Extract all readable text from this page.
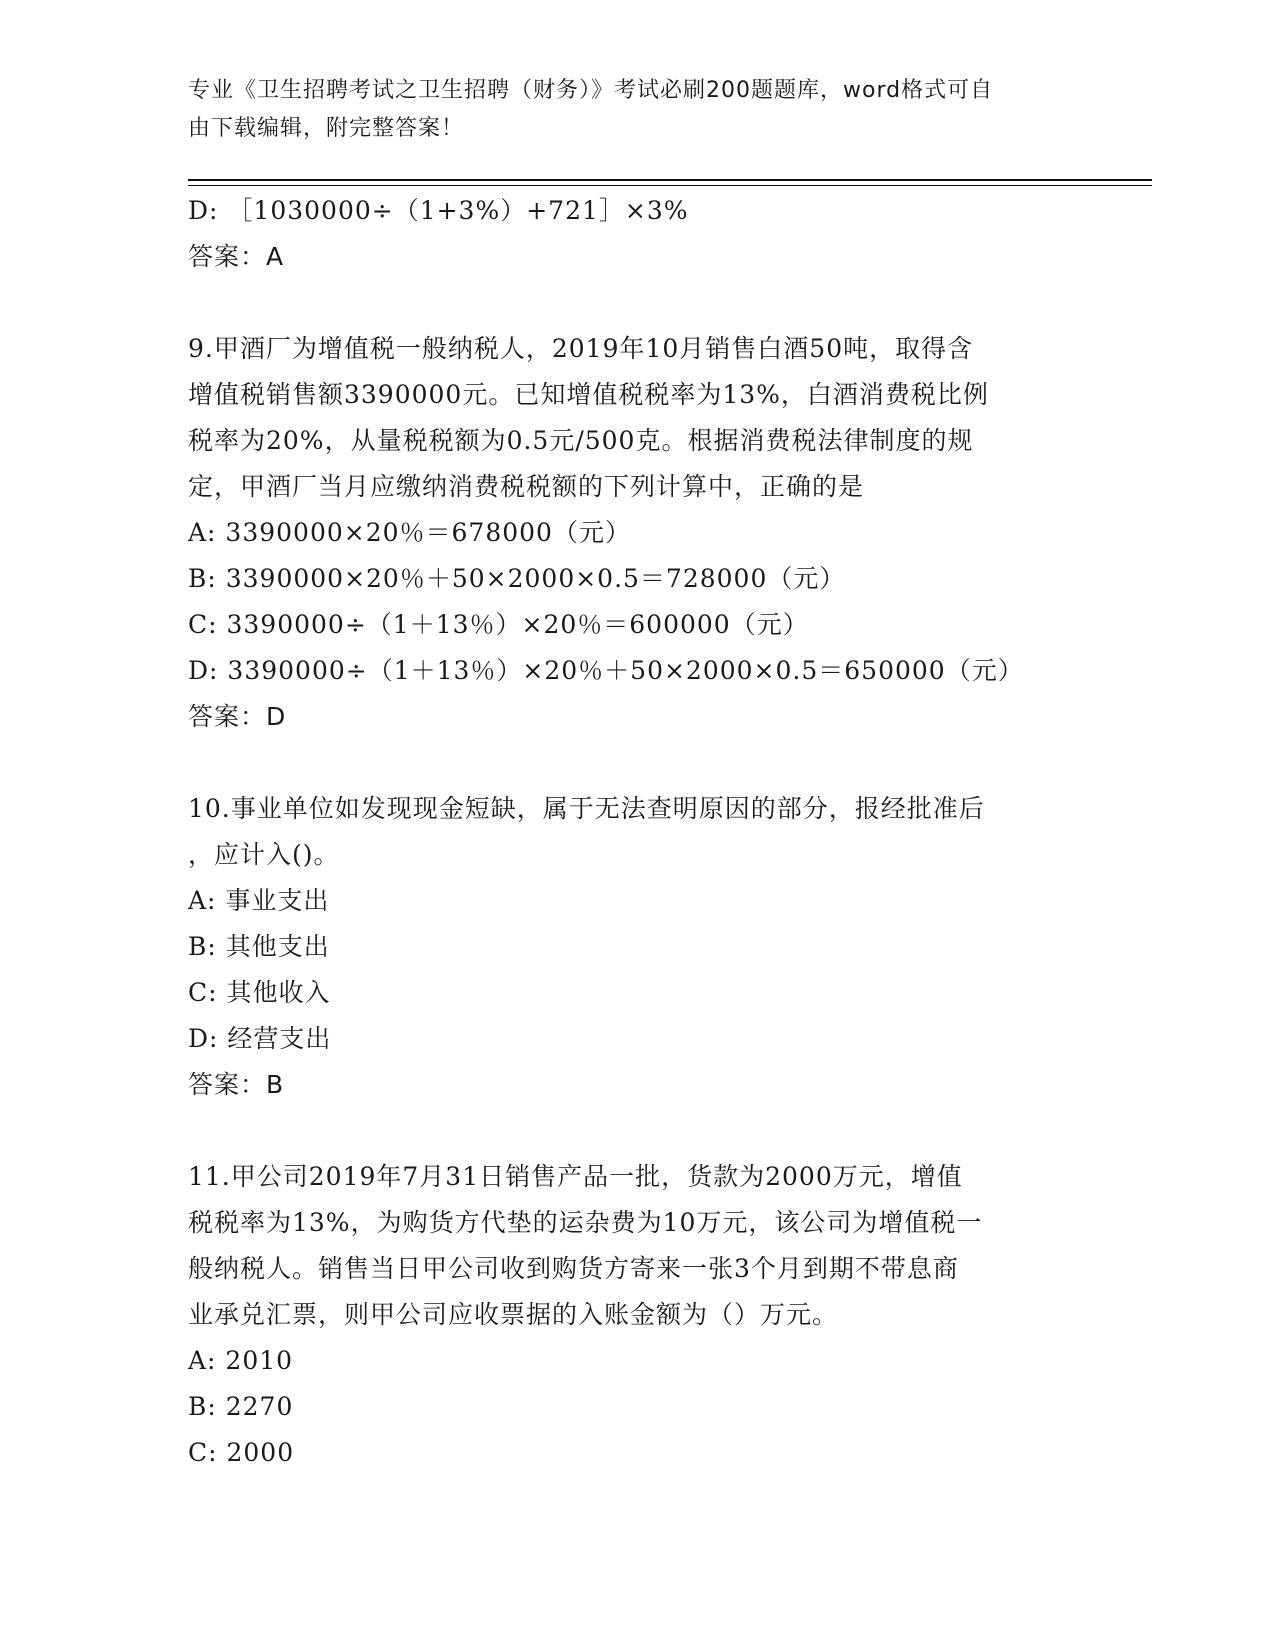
专业《卫生招聘考试之卫生招聘（财务）》考试必刷200题题库，word格式可自
由下载编辑，附完整答案！
D: ［1030000÷（1+3%）+721］×3%
答案：A
9.甲酒厂为增值税一般纳税人，2019年10月销售白酒50吨，取得含
增值税销售额3390000元。已知增值税税率为13%，白酒消费税比例
税率为20%，从量税税额为0.5元/500克。根据消费税法律制度的规
定，甲酒厂当月应缴纳消费税税额的下列计算中，正确的是
A: 3390000×20％＝678000（元）
B: 3390000×20％＋50×2000×0.5＝728000（元）
C: 3390000÷（1＋13％）×20％＝600000（元）
D: 3390000÷（1＋13％）×20％＋50×2000×0.5＝650000（元）
答案：D
10.事业单位如发现现金短缺，属于无法查明原因的部分，报经批准后
，应计入()。
A: 事业支出
B: 其他支出
C: 其他收入
D: 经营支出
答案：B
11.甲公司2019年7月31日销售产品一批，货款为2000万元，增值
税税率为13%，为购货方代垫的运杂费为10万元，该公司为增值税一
般纳税人。销售当日甲公司收到购货方寄来一张3个月到期不带息商
业承兑汇票，则甲公司应收票据的入账金额为（）万元。
A: 2010
B: 2270
C: 2000
